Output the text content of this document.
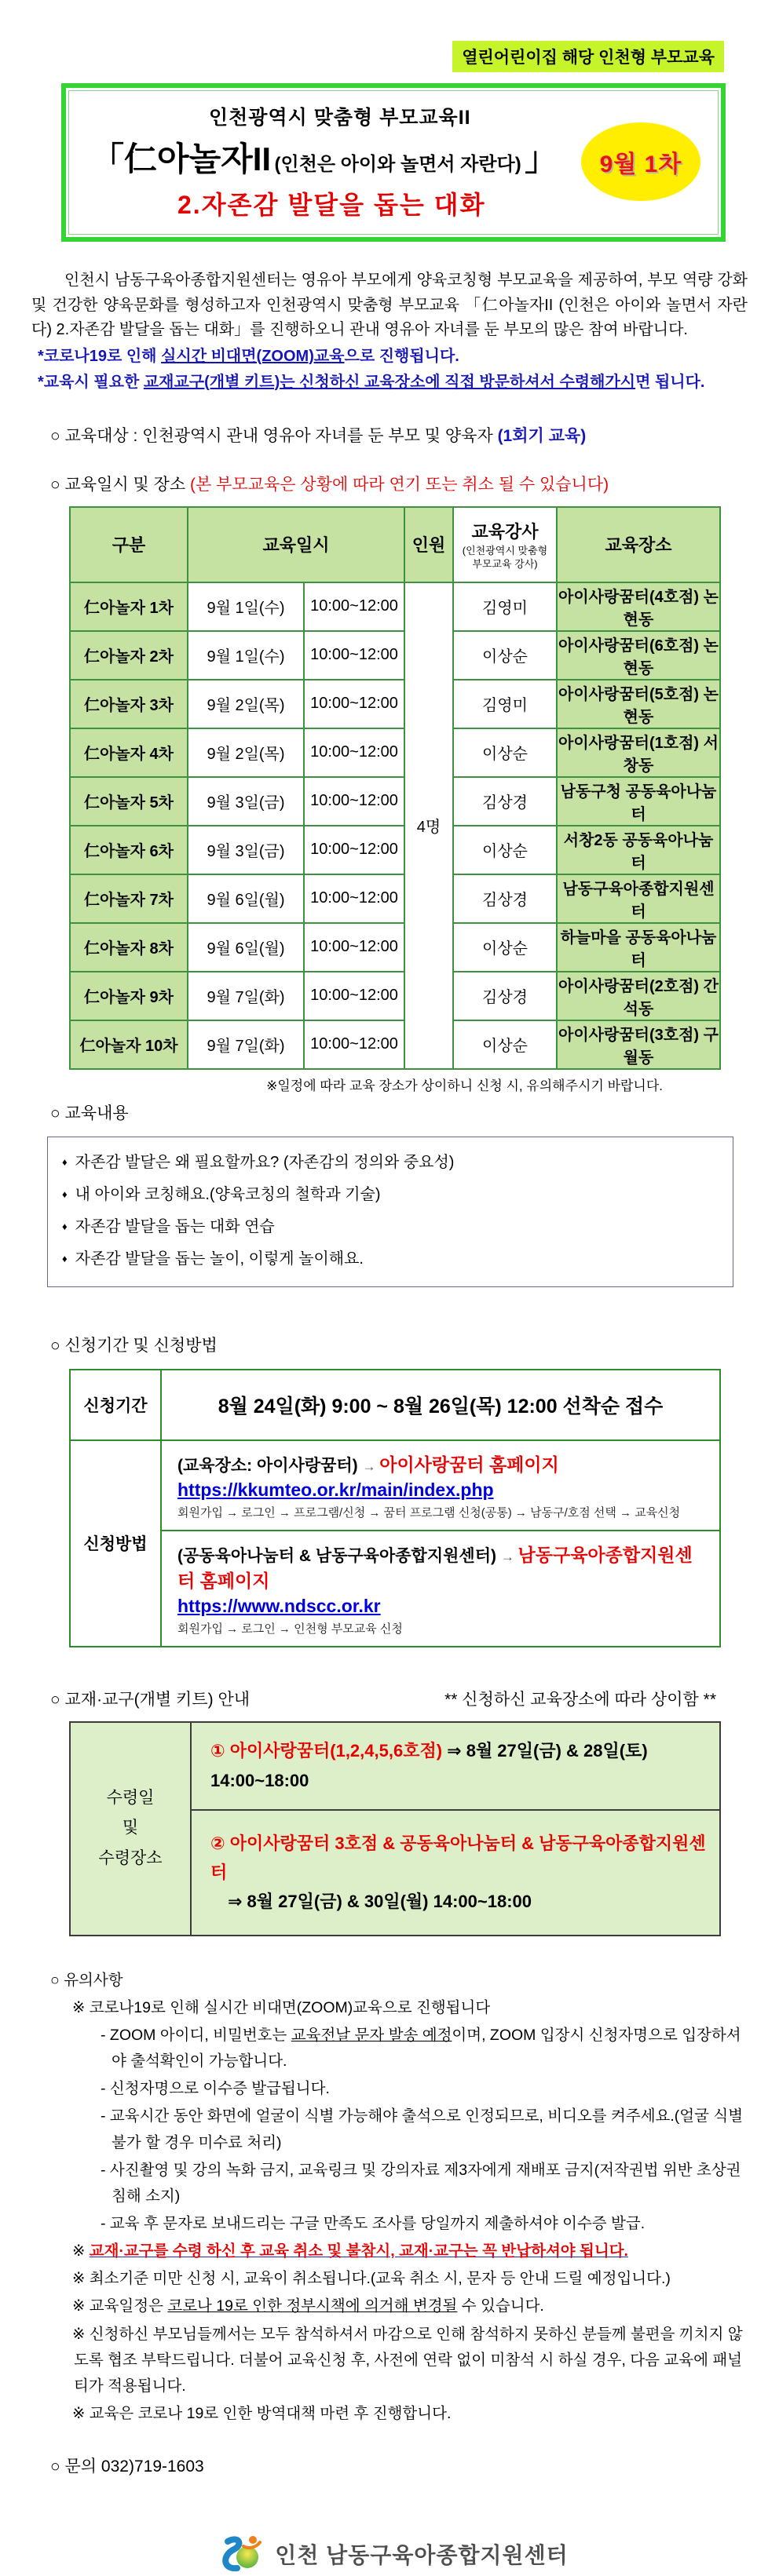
열린어린이집 해당 인천형 부모교육
인천광역시 맞춤형 부모교육II
「仁아놀자II (인천은 아이와 놀면서 자란다) 」
2.자존감 발달을 돕는 대화
9월 1차

인천시 남동구육아종합지원센터는 영유아 부모에게 양육코칭형 부모교육을 제공하여, 부모 역량 강화 및 건강한 양육문화를 형성하고자 인천광역시 맞춤형 부모교육 「仁아놀자II (인천은 아이와 놀면서 자란다) 2.자존감 발달을 돕는 대화」를 진행하오니 관내 영유아 자녀를 둔 부모의 많은 참여 바랍니다.

*코로나19로 인해 실시간 비대면(ZOOM)교육으로 진행됩니다.
*교육시 필요한 교재교구(개별 키트)는 신청하신 교육장소에 직접 방문하셔서 수령해가시면 됩니다.
○ 교육대상 : 인천광역시 관내 영유아 자녀를 둔 부모 및 양육자 (1회기 교육)
○ 교육일시 및 장소 (본 부모교육은 상황에 따라 연기 또는 취소 될 수 있습니다)
구분	교육일시		인원	교육강사
(인천광역시 맞춤형
부모교육 강사)	교육장소
仁아놀자 1차	9월 1일(수)	10:00~12:00	4명	김영미	아이사랑꿈터(4호점) 논현동
仁아놀자 2차	9월 1일(수)	10:00~12:00		이상순	아이사랑꿈터(6호점) 논현동
仁아놀자 3차	9월 2일(목)	10:00~12:00		김영미	아이사랑꿈터(5호점) 논현동
仁아놀자 4차	9월 2일(목)	10:00~12:00		이상순	아이사랑꿈터(1호점) 서창동
仁아놀자 5차	9월 3일(금)	10:00~12:00		김상경	남동구청 공동육아나눔터
仁아놀자 6차	9월 3일(금)	10:00~12:00		이상순	서창2동 공동육아나눔터
仁아놀자 7차	9월 6일(월)	10:00~12:00		김상경	남동구육아종합지원센터
仁아놀자 8차	9월 6일(월)	10:00~12:00		이상순	하늘마을 공동육아나눔터
仁아놀자 9차	9월 7일(화)	10:00~12:00		김상경	아이사랑꿈터(2호점) 간석동
仁아놀자 10차	9월 7일(화)	10:00~12:00		이상순	아이사랑꿈터(3호점) 구월동
※일정에 따라 교육 장소가 상이하니 신청 시, 유의해주시기 바랍니다.
○ 교육내용
♦ 자존감 발달은 왜 필요할까요? (자존감의 정의와 중요성)
♦ 내 아이와 코칭해요.(양육코칭의 철학과 기술)
♦ 자존감 발달을 돕는 대화 연습
♦ 자존감 발달을 돕는 놀이, 이렇게 놀이해요.
○ 신청기간 및 신청방법
신청기간	8월 24일(화) 9:00 ~ 8월 26일(목) 12:00 선착순 접수
신청방법	(교육장소: 아이사랑꿈터) → 아이사랑꿈터 홈페이지
https://kkumteo.or.kr/main/index.php
회원가입 → 로그인 → 프로그램/신청 → 꿈터 프로그램 신청(공통) → 남동구/호점 선택 → 교육신청

	(공동육아나눔터 & 남동구육아종합지원센터) → 남동구육아종합지원센터 홈페이지
https://www.ndscc.or.kr
회원가입 → 로그인 → 인천형 부모교육 신청
○ 교재·교구(개별 키트) 안내	** 신청하신 교육장소에 따라 상이함 **
수령일
및
수령장소
	① 아이사랑꿈터(1,2,4,5,6호점) ⇒ 8월 27일(금) & 28일(토) 14:00~18:00

② 아이사랑꿈터 3호점 & 공동육아나눔터 & 남동구육아종합지원센터
⇒ 8월 27일(금) & 30일(월) 14:00~18:00
○ 유의사항
※ 코로나19로 인해 실시간 비대면(ZOOM)교육으로 진행됩니다
- ZOOM 아이디, 비밀번호는 교육전날 문자 발송 예정이며, ZOOM 입장시 신청자명으로 입장하셔야 출석확인이 가능합니다.
- 신청자명으로 이수증 발급됩니다.
- 교육시간 동안 화면에 얼굴이 식별 가능해야 출석으로 인정되므로, 비디오를 켜주세요.(얼굴 식별 불가 할 경우 미수료 처리)
- 사진촬영 및 강의 녹화 금지, 교육링크 및 강의자료 제3자에게 재배포 금지(저작권법 위반 초상권 침해 소지)
- 교육 후 문자로 보내드리는 구글 만족도 조사를 당일까지 제출하셔야 이수증 발급.
※ 교재·교구를 수령 하신 후 교육 취소 및 불참시, 교재·교구는 꼭 반납하셔야 됩니다.
※ 최소기준 미만 신청 시, 교육이 취소됩니다.(교육 취소 시, 문자 등 안내 드릴 예정입니다.)
※ 교육일정은 코로나 19로 인한 정부시책에 의거해 변경될 수 있습니다.
※ 신청하신 부모님들께서는 모두 참석하셔서 마감으로 인해 참석하지 못하신 분들께 불편을 끼치지 않도록 협조 부탁드립니다. 더불어 교육신청 후, 사전에 연락 없이 미참석 시 하실 경우, 다음 교육에 패널티가 적용됩니다.
※ 교육은 코로나 19로 인한 방역대책 마련 후 진행합니다.
○ 문의 032)719-1603
인천 남동구육아종합지원센터
